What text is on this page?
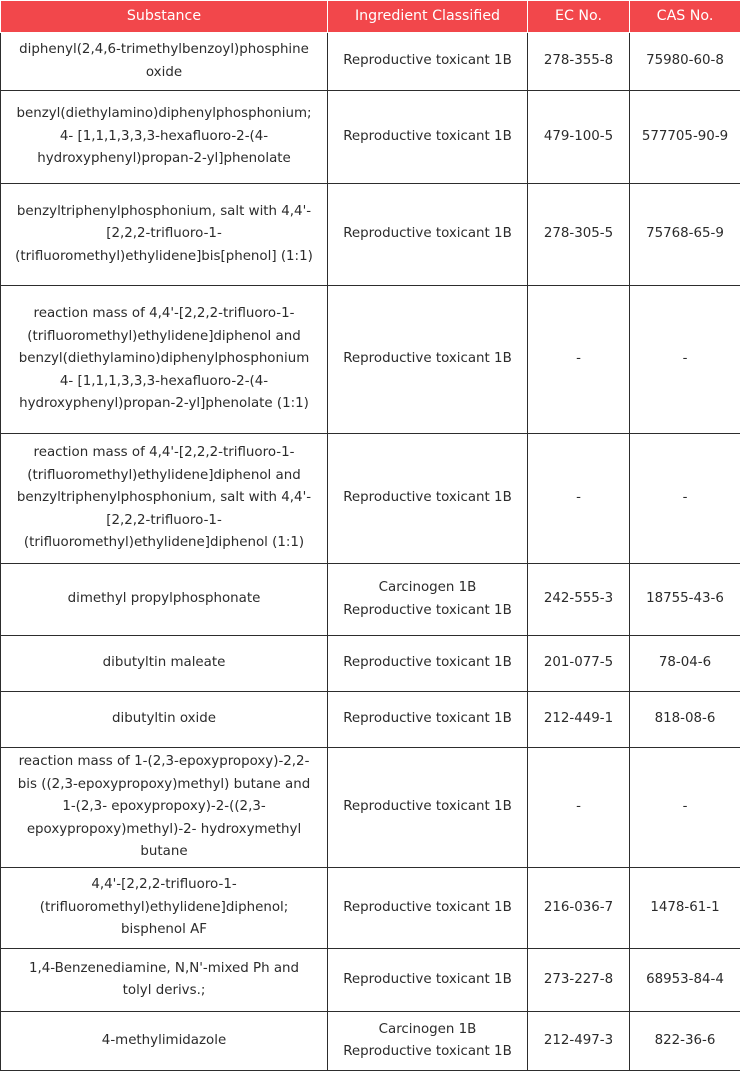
Substance	Ingredient Classified	EC No.	CAS No.

diphenyl(2,4,6-trimethylbenzoyl)phosphine
oxide	Reproductive toxicant 1B	278-355-8	75980-60-8

benzyl(diethylamino)diphenylphosphonium;
4- [1,1,1,3,3,3-hexafluoro-2-(4-
hydroxyphenyl)propan-2-yl]phenolate	Reproductive toxicant 1B	479-100-5	577705-90-9

benzyltriphenylphosphonium, salt with 4,4'-
[2,2,2-trifluoro-1-
(trifluoromethyl)ethylidene]bis[phenol] (1:1)	Reproductive toxicant 1B	278-305-5	75768-65-9

reaction mass of 4,4'-[2,2,2-trifluoro-1-
(trifluoromethyl)ethylidene]diphenol and
benzyl(diethylamino)diphenylphosphonium
4- [1,1,1,3,3,3-hexafluoro-2-(4-
hydroxyphenyl)propan-2-yl]phenolate (1:1)	Reproductive toxicant 1B	-	-

reaction mass of 4,4'-[2,2,2-trifluoro-1-
(trifluoromethyl)ethylidene]diphenol and
benzyltriphenylphosphonium, salt with 4,4'-
[2,2,2-trifluoro-1-
(trifluoromethyl)ethylidene]diphenol (1:1)	Reproductive toxicant 1B	-	-

dimethyl propylphosphonate	Carcinogen 1B
Reproductive toxicant 1B	242-555-3	18755-43-6

dibutyltin maleate	Reproductive toxicant 1B	201-077-5	78-04-6

dibutyltin oxide	Reproductive toxicant 1B	212-449-1	818-08-6

reaction mass of 1-(2,3-epoxypropoxy)-2,2-
bis ((2,3-epoxypropoxy)methyl) butane and
1-(2,3- epoxypropoxy)-2-((2,3-
epoxypropoxy)methyl)-2- hydroxymethyl
butane	Reproductive toxicant 1B	-	-

4,4'-[2,2,2-trifluoro-1-
(trifluoromethyl)ethylidene]diphenol;
bisphenol AF	Reproductive toxicant 1B	216-036-7	1478-61-1

1,4-Benzenediamine, N,N'-mixed Ph and
tolyl derivs.;	Reproductive toxicant 1B	273-227-8	68953-84-4

4-methylimidazole	Carcinogen 1B
Reproductive toxicant 1B	212-497-3	822-36-6
